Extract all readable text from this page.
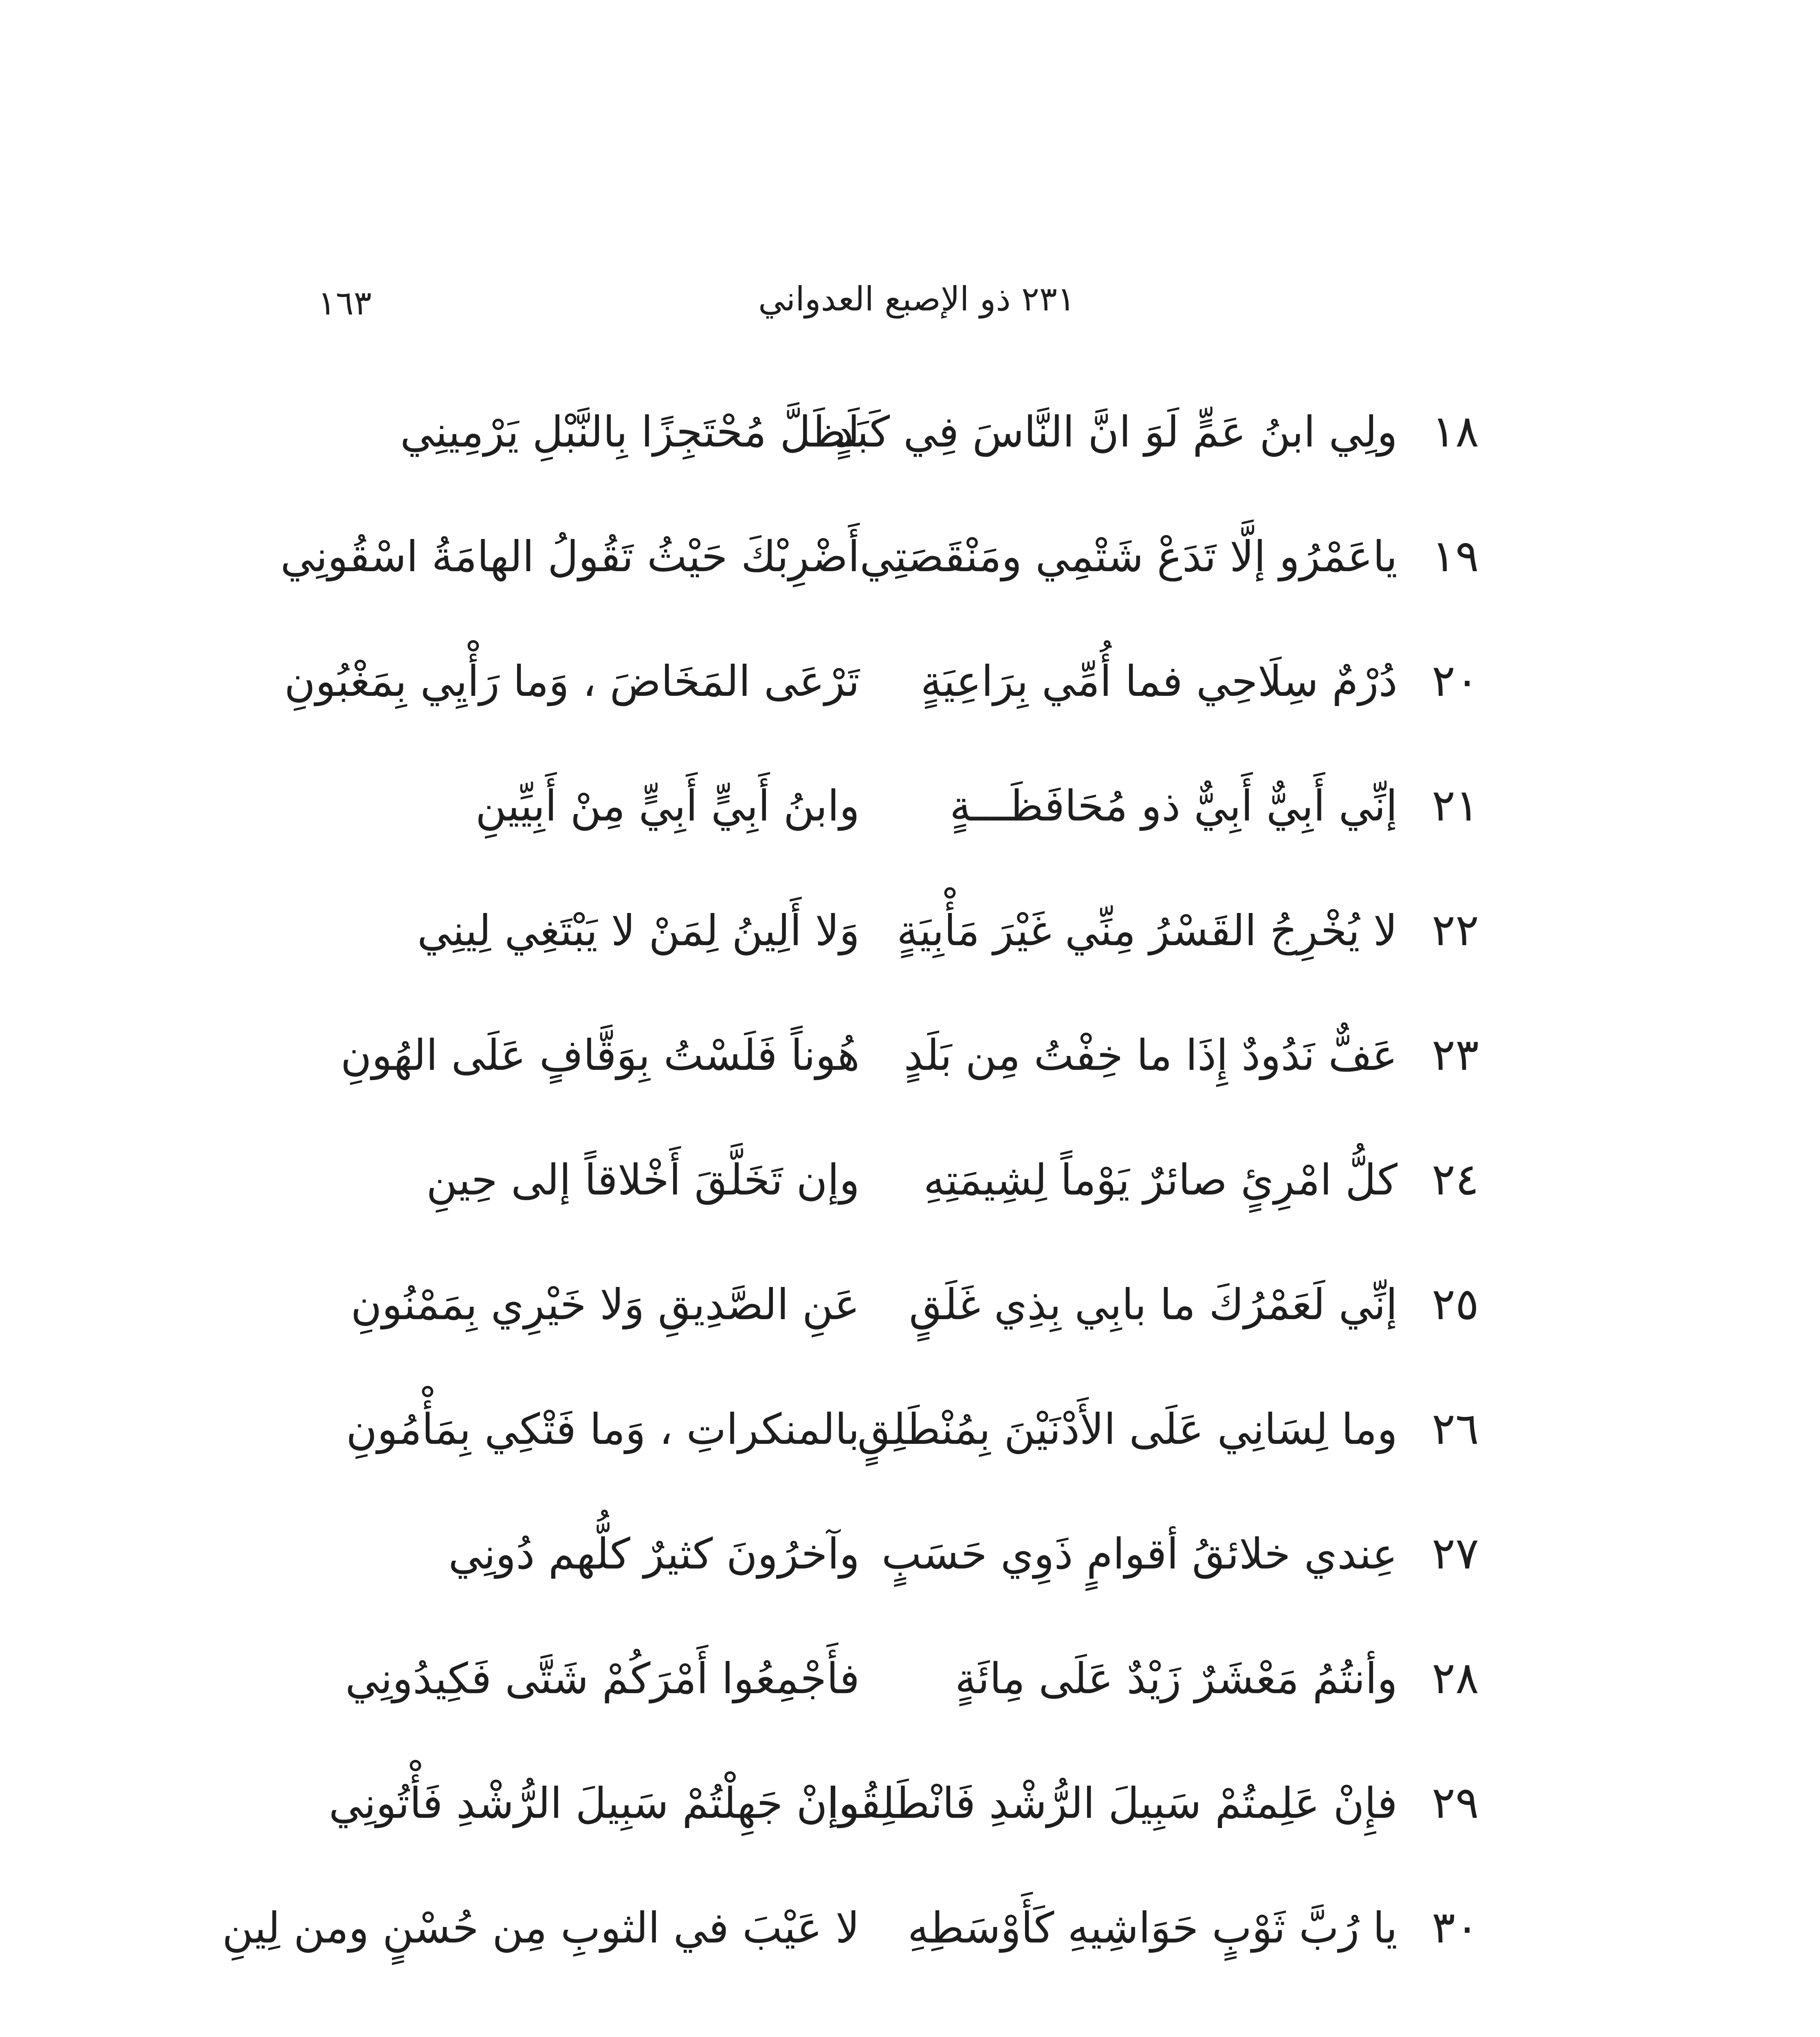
٢٣١ ذو الإصبع العدواني
١٦٣
١٨
ولِي ابنُ عَمٍّ لَوَ انَّ النَّاسَ فِي كَبَدٍ
لَظَلَّ مُحْتَجِزًا بِالنَّبْلِ يَرْمِينِي
١٩
ياعَمْرُو إلَّا تَدَعْ شَتْمِي ومَنْقَصَتِي
أَضْرِبْكَ حَيْثُ تَقُولُ الهامَةُ اسْقُونِي
٢٠
دُرْمٌ سِلَاحِي فما أُمِّي بِرَاعِيَةٍ
تَرْعَى المَخَاضَ ، وَما رَأْيِي بِمَغْبُونِ
٢١
إنِّي أَبِيٌّ أَبِيٌّ ذو مُحَافَظَـــةٍ
وابنُ أَبِيٍّ أَبِيٍّ مِنْ أَبِيِّينِ
٢٢
لا يُخْرِجُ القَسْرُ مِنِّي غَيْرَ مَأْبِيَةٍ
وَلا أَلِينُ لِمَنْ لا يَبْتَغِي لِينِي
٢٣
عَفٌّ نَدُودٌ إِذَا ما خِفْتُ مِن بَلَدٍ
هُوناً فَلَسْتُ بِوَقَّافٍ عَلَى الهُونِ
٢٤
كلُّ امْرِئٍ صائرٌ يَوْماً لِشِيمَتِهِ
وإن تَخَلَّقَ أَخْلاقاً إلى حِينِ
٢٥
إنِّي لَعَمْرُكَ ما بابِي بِذِي غَلَقٍ
عَنِ الصَّدِيقِ وَلا خَيْرِي بِمَمْنُونِ
٢٦
وما لِسَانِي عَلَى الأَدْنَيْنَ بِمُنْطَلِقٍ
بالمنكراتِ ، وَما فَتْكِي بِمَأْمُونِ
٢٧
عِندي خلائقُ أقوامٍ ذَوِي حَسَبٍ
وآخرُونَ كثيرٌ كلُّهم دُونِي
٢٨
وأنتُمُ مَعْشَرٌ زَيْدٌ عَلَى مِائَةٍ
فأَجْمِعُوا أَمْرَكُمْ شَتَّى فَكِيدُونِي
٢٩
فإِنْ عَلِمتُمْ سَبِيلَ الرُّشْدِ فَانْطَلِقُوا
وإنْ جَهِلْتُمْ سَبِيلَ الرُّشْدِ فَأْتُونِي
٣٠
يا رُبَّ ثَوْبٍ حَوَاشِيهِ كَأَوْسَطِهِ
لا عَيْبَ في الثوبِ مِن حُسْنٍ ومن لِينِ
